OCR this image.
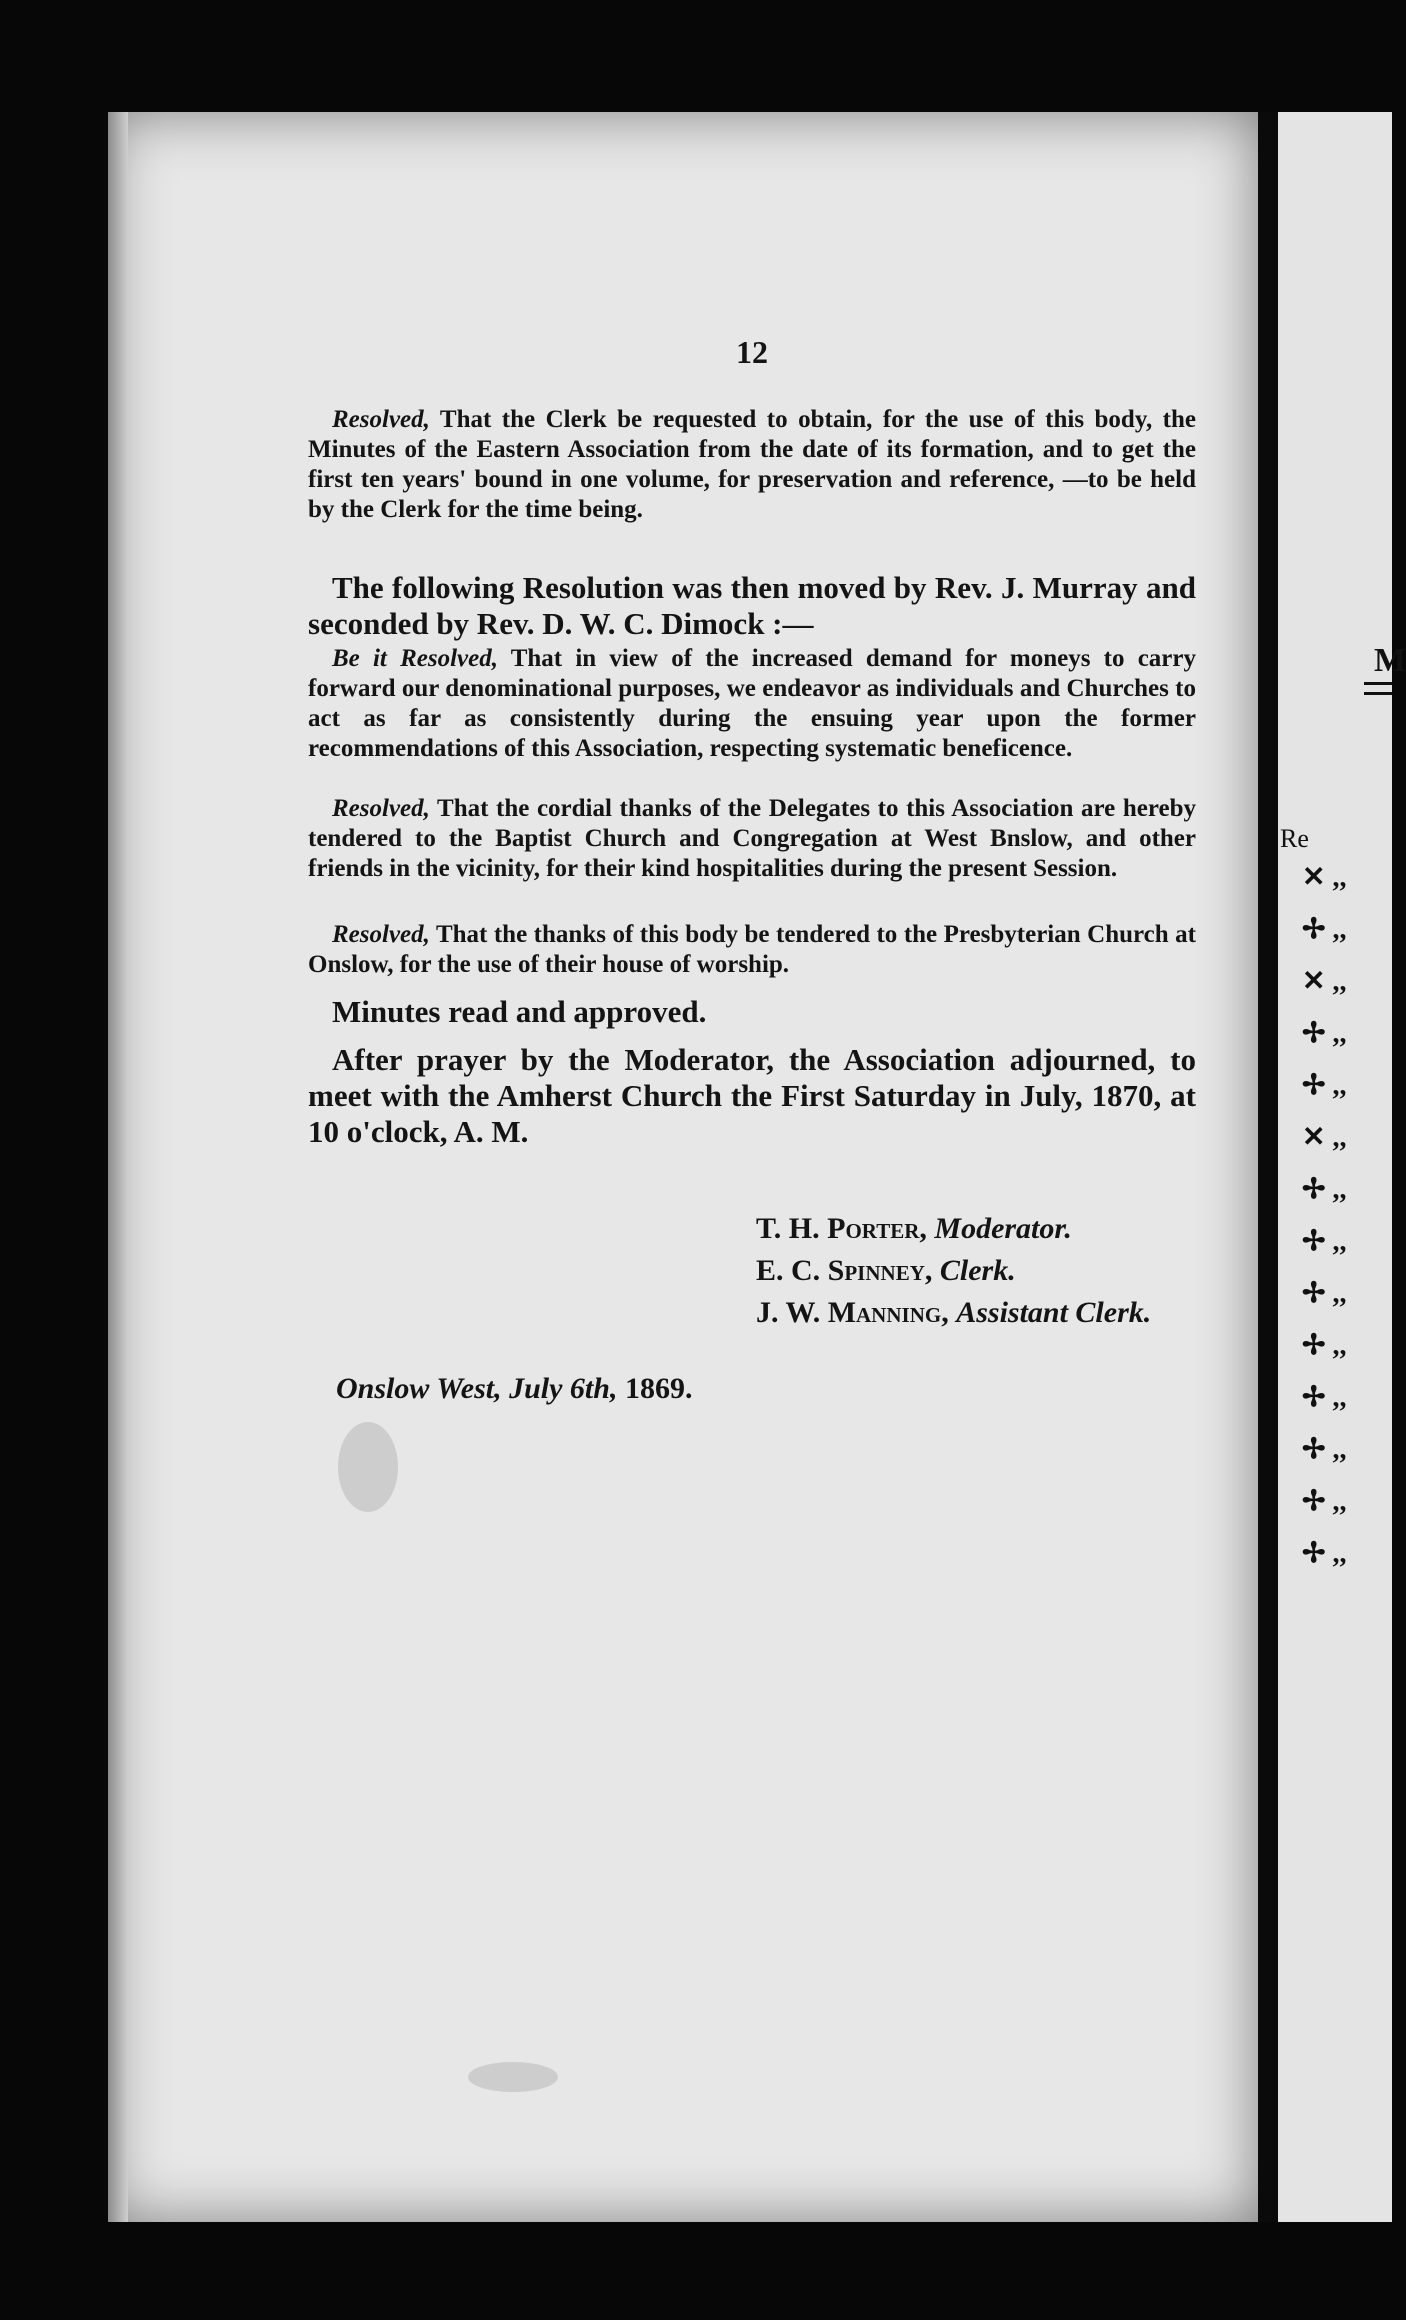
12

Resolved, That the Clerk be requested to obtain, for the use of this body, the Minutes of the Eastern Association from the date of its formation, and to get the first ten years' bound in one volume, for preservation and reference, —to be held by the Clerk for the time being.

The following Resolution was then moved by Rev. J. Murray and seconded by Rev. D. W. C. Dimock :—

Be it Resolved, That in view of the increased demand for moneys to carry forward our denominational purposes, we endeavor as individuals and Churches to act as far as consistently during the ensuing year upon the former recommendations of this Association, respecting systematic beneficence.

Resolved, That the cordial thanks of the Delegates to this Association are hereby tendered to the Baptist Church and Congregation at West Bnslow, and other friends in the vicinity, for their kind hospitalities during the present Session.

Resolved, That the thanks of this body be tendered to the Presbyterian Church at Onslow, for the use of their house of worship.

Minutes read and approved.

After prayer by the Moderator, the Association adjourned, to meet with the Amherst Church the First Saturday in July, 1870, at 10 o'clock, A. M.

T. H. Porter, Moderator.
E. C. Spinney, Clerk.
J. W. Manning, Assistant Clerk.
Onslow West, July 6th, 1869.
M
Re
✕ ,,
✢ ,,
✕ ,,
✢ ,,
✢ ,,
✕ ,,
✢ ,,
✢ ,,
✢ ,,
✢ ,,
✢ ,,
✢ ,,
✢ ,,
✢ ,,
